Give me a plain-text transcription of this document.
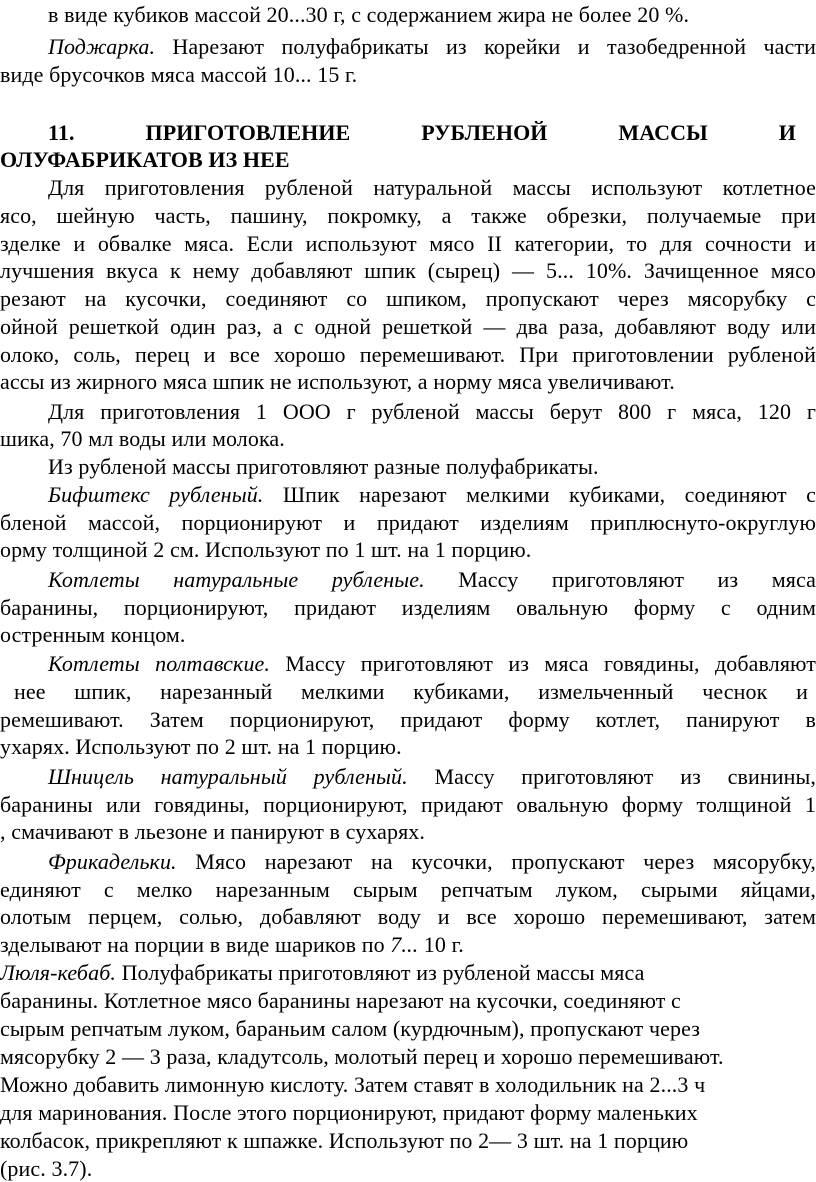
в виде кубиков массой 20...30 г, с содержанием жира не более 20 %.
Поджарка. Нарезают полуфабрикаты из корейки и тазобедренной части
виде брусочков мяса массой 10... 15 г.
11. ПРИГОТОВЛЕНИЕ РУБЛЕНОЙ МАССЫ И
ОЛУФАБРИКАТОВ ИЗ НЕЕ
Для приготовления рубленой натуральной массы используют котлетное
ясо, шейную часть, пашину, покромку, а также обрезки, получаемые при
зделке и обвалке мяса. Если используют мясо II категории, то для сочности и
лучшения вкуса к нему добавляют шпик (сырец) — 5... 10%. Зачищенное мясо
резают на кусочки, соединяют со шпиком, пропускают через мясорубку с
ойной решеткой один раз, а с одной решеткой — два раза, добавляют воду или
олоко, соль, перец и все хорошо перемешивают. При приготовлении рубленой
ассы из жирного мяса шпик не используют, а норму мяса увеличивают.
Для приготовления 1 ООО г рубленой массы берут 800 г мяса, 120 г
шика, 70 мл воды или молока.
Из рубленой массы приготовляют разные полуфабрикаты.
Бифштекс рубленый. Шпик нарезают мелкими кубиками, соединяют с
бленой массой, порционируют и придают изделиям приплюснуто-округлую
орму толщиной 2 см. Используют по 1 шт. на 1 порцию.
Котлеты натуральные рубленые. Массу приготовляют из мяса
баранины, порционируют, придают изделиям овальную форму с одним
остренным концом.
Котлеты полтавские. Массу приготовляют из мяса говядины, добавляют
нее шпик, нарезанный мелкими кубиками, измельченный чеснок и
ремешивают. Затем порционируют, придают форму котлет, панируют в
ухарях. Используют по 2 шт. на 1 порцию.
Шницель натуральный рубленый. Массу приготовляют из свинины,
баранины или говядины, порционируют, придают овальную форму толщиной 1
, смачивают в льезоне и панируют в сухарях.
Фрикадельки. Мясо нарезают на кусочки, пропускают через мясорубку,
единяют с мелко нарезанным сырым репчатым луком, сырыми яйцами,
олотым перцем, солью, добавляют воду и все хорошо перемешивают, затем
зделывают на порции в виде шариков по 7... 10 г.
Люля-кебаб. Полуфабрикаты приготовляют из рубленой массы мяса
баранины. Котлетное мясо баранины нарезают на кусочки, соединяют с
сырым репчатым луком, бараньим салом (курдючным), пропускают через
мясорубку 2 — 3 раза, кладутсоль, молотый перец и хорошо перемешивают.
Можно добавить лимонную кислоту. Затем ставят в холодильник на 2...3 ч
для маринования. После этого порционируют, придают форму маленьких
колбасок, прикрепляют к шпажке. Используют по 2— 3 шт. на 1 порцию
(рис. 3.7).
